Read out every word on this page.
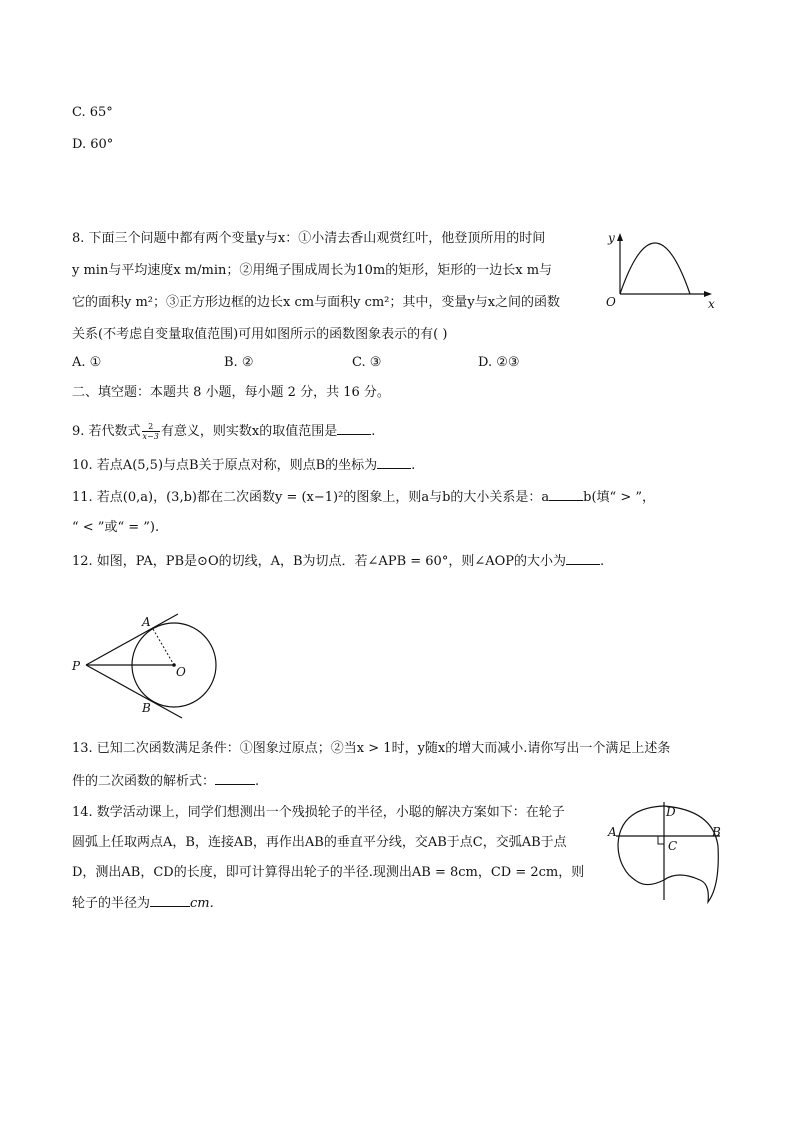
C. 65°
D. 60°
8. 下面三个问题中都有两个变量y与x：①小清去香山观赏红叶，他登顶所用的时间
y min与平均速度x m/min；②用绳子围成周长为10m的矩形，矩形的一边长x m与
它的面积y m²；③正方形边框的边长x cm与面积y cm²；其中，变量y与x之间的函数
关系(不考虑自变量取值范围)可用如图所示的函数图象表示的有( )
A. ①	B. ②	C. ③	D. ②③
y
x
O
二、填空题：本题共 8 小题，每小题 2 分，共 16 分。
9. 若代数式 $\frac{2}{x-3}$ 有意义，则实数x的取值范围是	.
10. 若点A(5,5)与点B关于原点对称，则点B的坐标为	.
11. 若点(0,a)，(3,b)都在二次函数y = (x−1)²的图象上，则a与b的大小关系是：a	b(填“ > ”，
“ < ”或“ = ”).
12. 如图，PA，PB是⊙O的切线，A，B为切点．若∠APB = 60°，则∠AOP的大小为	.
A
B
P	O
13. 已知二次函数满足条件：①图象过原点；②当x > 1时，y随x的增大而减小.请你写出一个满足上述条
件的二次函数的解析式：	.
14. 数学活动课上，同学们想测出一个残损轮子的半径，小聪的解决方案如下：在轮子
圆弧上任取两点A，B，连接AB，再作出AB的垂直平分线，交AB于点C，交弧AB于点
D，测出AB，CD的长度，即可计算得出轮子的半径.现测出AB = 8cm，CD = 2cm，则
轮子的半径为	cm.
D
A	B
C
